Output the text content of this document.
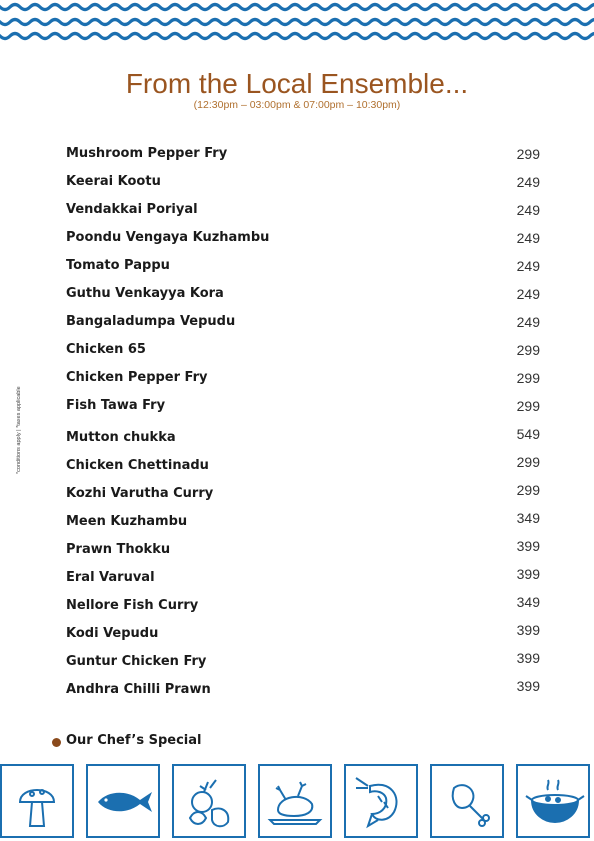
From the Local Ensemble...
(12:30pm – 03:00pm & 07:00pm – 10:30pm)
*conditions apply | *taxes applicable
Mushroom Pepper Fry	299
Keerai Kootu	249
Vendakkai Poriyal	249
Poondu Vengaya Kuzhambu	249
Tomato Pappu	249
Guthu Venkayya Kora	249
Bangaladumpa Vepudu	249
Chicken 65	299
Chicken Pepper Fry	299
Fish Tawa Fry	299
Mutton chukka	549
Chicken Chettinadu	299
Kozhi Varutha Curry	299
Meen Kuzhambu	349
Prawn Thokku	399
Eral Varuval	399
Nellore Fish Curry	349
Kodi Vepudu	399
Guntur Chicken Fry	399
Andhra Chilli Prawn	399
Our Chef’s Special
